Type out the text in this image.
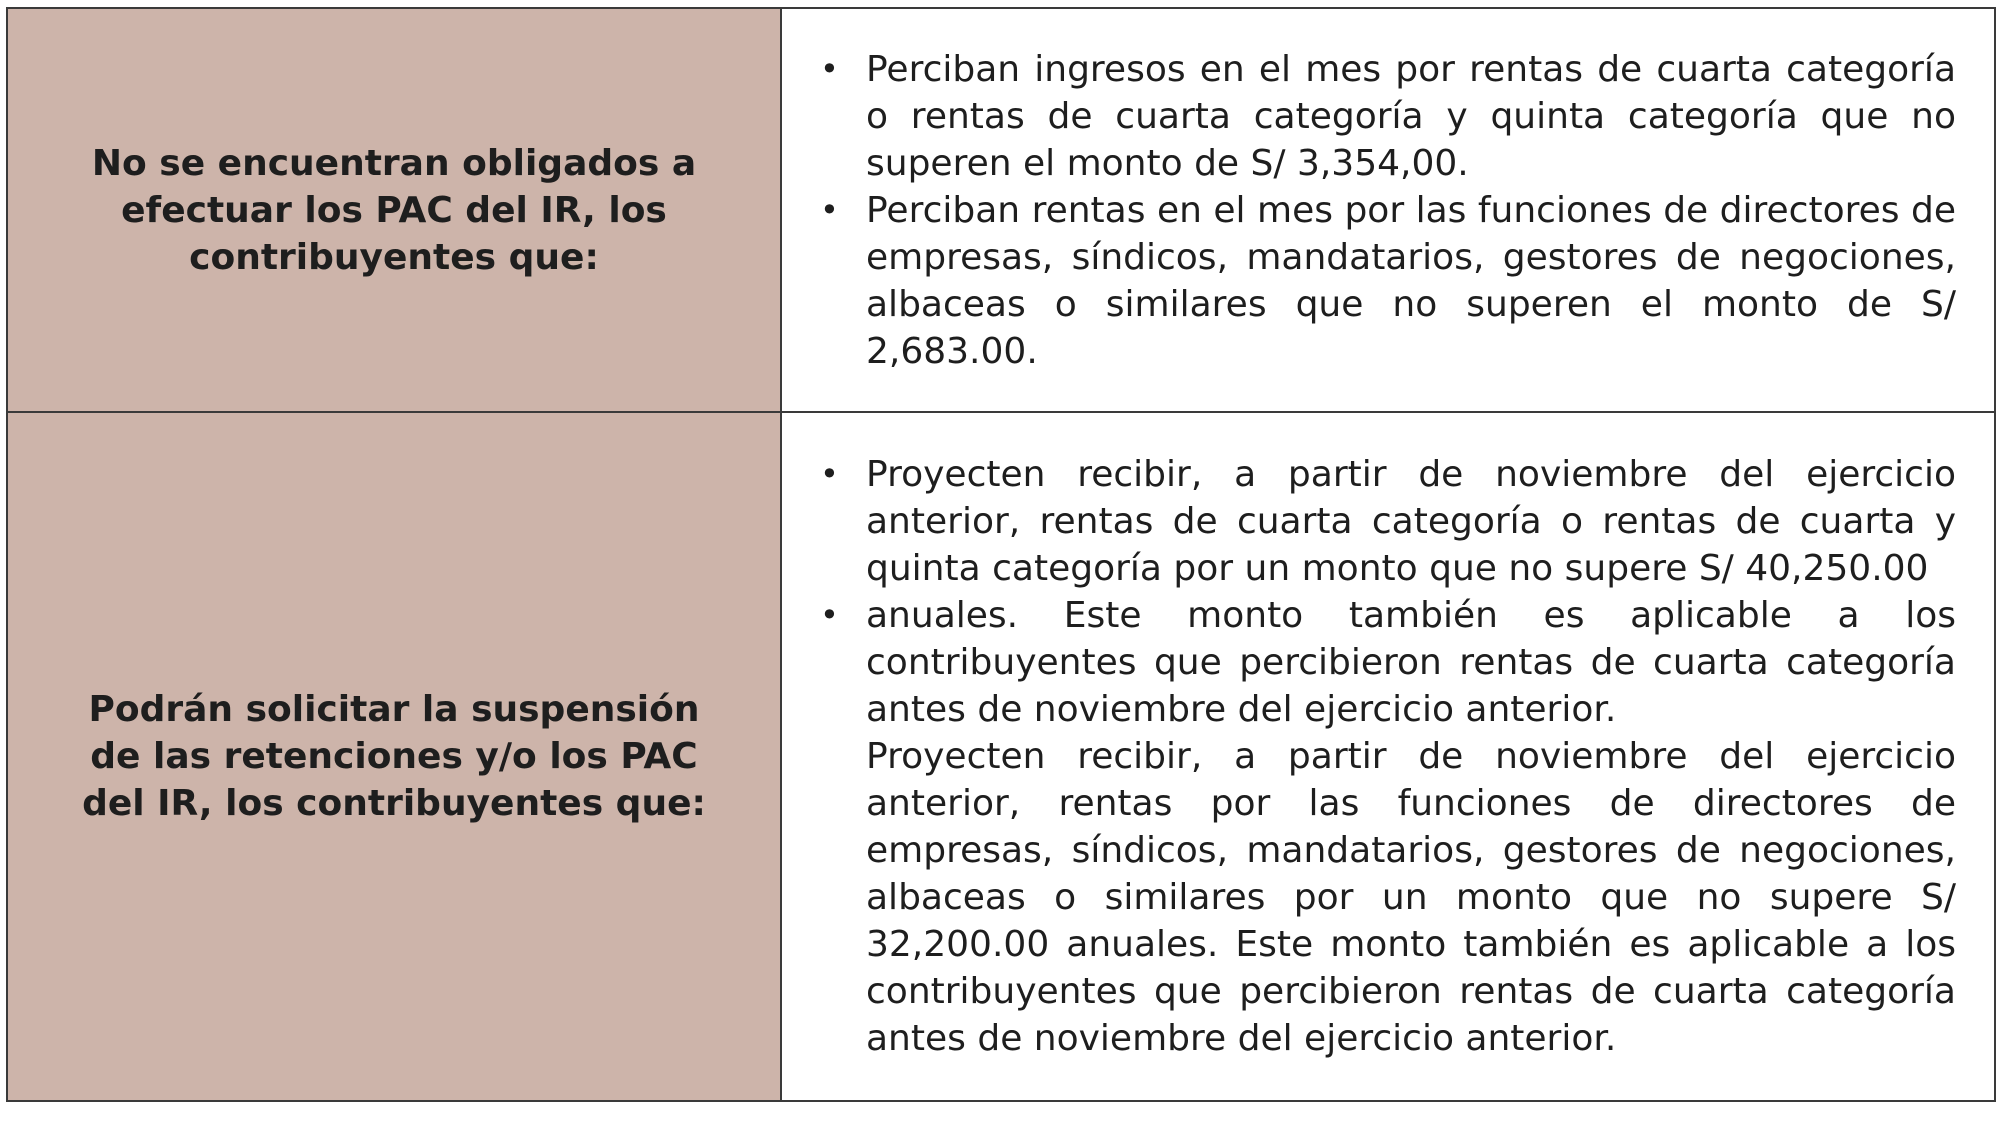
No se encuentran obligados a efectuar los PAC del IR, los contribuyentes que:
• Perciban ingresos en el mes por rentas de cuarta categoría o rentas de cuarta categoría y quinta categoría que no superen el monto de S/ 3,354,00.
• Perciban rentas en el mes por las funciones de directores de empresas, síndicos, mandatarios, gestores de negociones, albaceas o similares que no superen el monto de S/ 2,683.00.
Podrán solicitar la suspensión de las retenciones y/o los PAC del IR, los contribuyentes que:
• Proyecten recibir, a partir de noviembre del ejercicio anterior, rentas de cuarta categoría o rentas de cuarta y quinta categoría por un monto que no supere S/ 40,250.00
• anuales. Este monto también es aplicable a los contribuyentes que percibieron rentas de cuarta categoría antes de noviembre del ejercicio anterior.
Proyecten recibir, a partir de noviembre del ejercicio anterior, rentas por las funciones de directores de empresas, síndicos, mandatarios, gestores de negociones, albaceas o similares por un monto que no supere S/ 32,200.00 anuales. Este monto también es aplicable a los contribuyentes que percibieron rentas de cuarta categoría antes de noviembre del ejercicio anterior.
